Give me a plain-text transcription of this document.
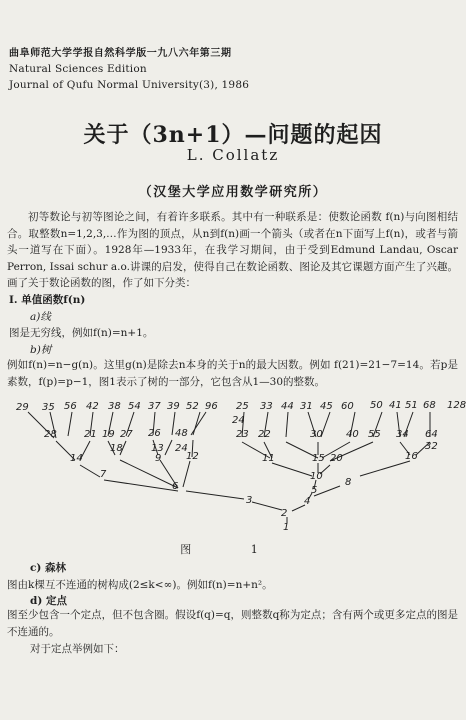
曲阜师范大学学报自然科学版一九八六年第三期
Natural Sciences Edition
Journal of Qufu Normal University(3), 1986
关于（3n+1）—问题的起因
L. Collatz
（汉堡大学应用数学研究所）
初等数论与初等图论之间，有着许多联系。其中有一种联系是：使数论函数 f(n)与向图相结合。取整数n=1,2,3,…作为图的顶点，从n到f(n)画一个箭头（或者在n下面写上f(n)，或者与箭头一道写在下面）。1928年—1933年，在我学习期间，由于受到Edmund Landau, Oscar Perron, Issai schur a.o.讲课的启发，使得自己在数论函数、图论及其它课题方面产生了兴趣。画了关于数论函数的图，作了如下分类：
Ⅰ. 单值函数f(n)
a)线
图是无穷线，例如f(n)=n+1。
b)树
例如f(n)=n−g(n)。这里g(n)是除去n本身的关于n的最大因数。例如 f(21)=21−7=14。若p是素数，f(p)=p−1，图1表示了树的一部分，它包含从1—30的整数。
29 35 56 42 38 54 37 39 52 96 25 33 44 31 45 60 50 41 51 68 128
28	21 19 27 26 48	23 22	30 40 55 34 64
32
24
18	13 24
14	9 12
7
6
3
11	15 20	16
10
5
8
4
2
1
图 1
c) 森林
图由k棵互不连通的树构成(2≤k<∞)。例如f(n)=n+n²。
d) 定点
图至少包含一个定点，但不包含圈。假设f(q)=q，则整数q称为定点；含有两个或更多定点的图是不连通的。
对于定点举例如下：
